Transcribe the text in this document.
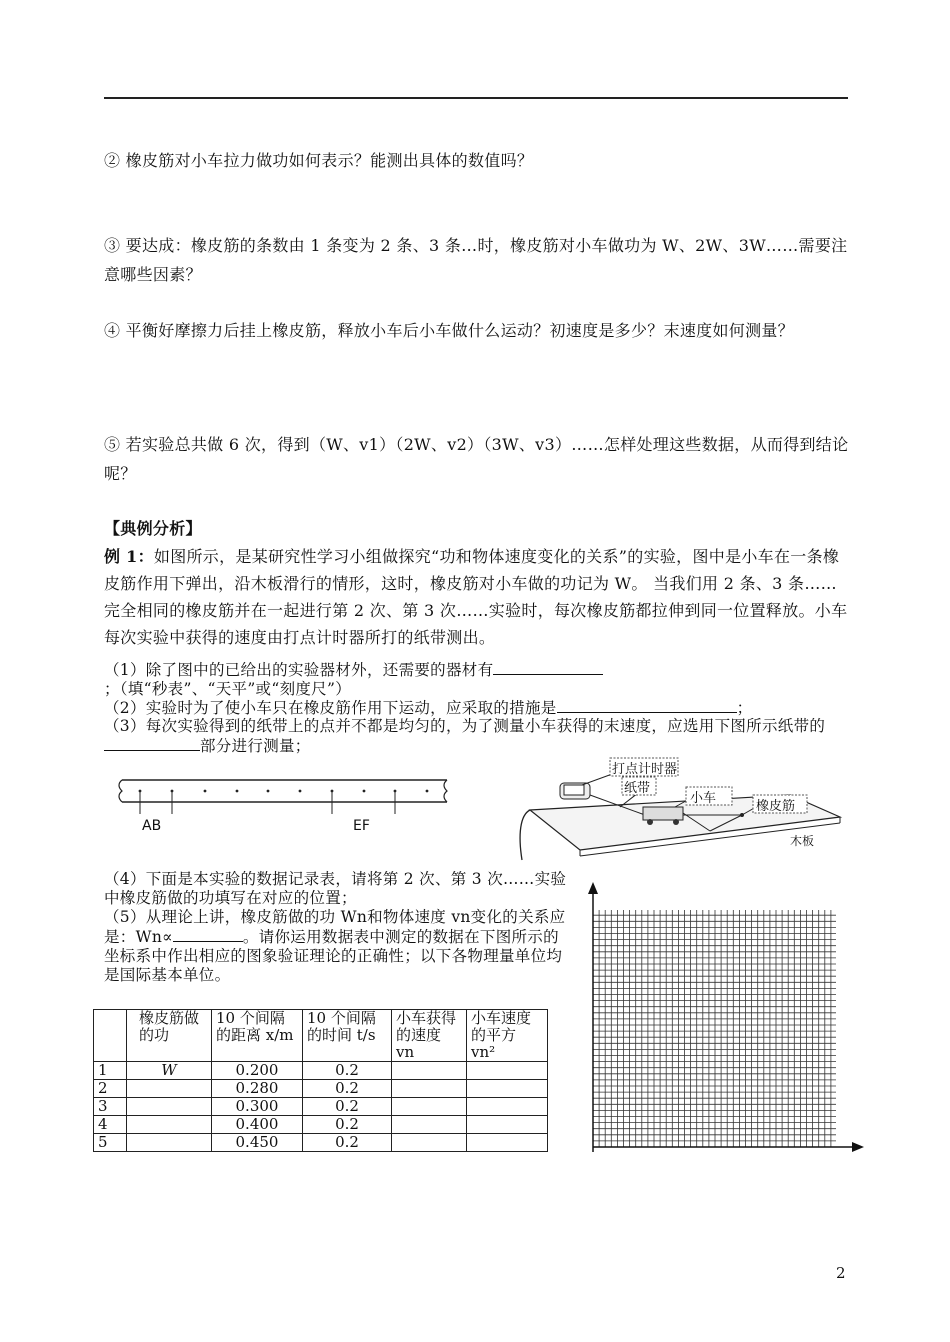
② 橡皮筋对小车拉力做功如何表示？能测出具体的数值吗？
③ 要达成：橡皮筋的条数由 1 条变为 2 条、3 条…时，橡皮筋对小车做功为 W、2W、3W……需要注意哪些因素？
④ 平衡好摩擦力后挂上橡皮筋，释放小车后小车做什么运动？初速度是多少？末速度如何测量？
⑤ 若实验总共做 6 次，得到（W、v1）（2W、v2）（3W、v3）……怎样处理这些数据，从而得到结论呢？
【典例分析】
例 1：如图所示，是某研究性学习小组做探究“功和物体速度变化的关系”的实验，图中是小车在一条橡皮筋作用下弹出，沿木板滑行的情形，这时，橡皮筋对小车做的功记为 W。 当我们用 2 条、3 条……完全相同的橡皮筋并在一起进行第 2 次、第 3 次……实验时，每次橡皮筋都拉伸到同一位置释放。小车每次实验中获得的速度由打点计时器所打的纸带测出。
（1）除了图中的已给出的实验器材外，还需要的器材有；（填“秒表”、“天平”或“刻度尺”）
（2）实验时为了使小车只在橡皮筋作用下运动，应采取的措施是	；
（3）每次实验得到的纸带上的点并不都是均匀的，为了测量小车获得的末速度，应选用下图所示纸带的部分进行测量；
AB	EF
打点计时器
纸带
小车
橡皮筋
木板
（4）下面是本实验的数据记录表，请将第 2 次、第 3 次……实验中橡皮筋做的功填写在对应的位置；
（5）从理论上讲，橡皮筋做的功 Wn和物体速度 vn变化的关系应是：Wn∝	。请你运用数据表中测定的数据在下图所示的坐标系中作出相应的图象验证理论的正确性；以下各物理量单位均是国际基本单位。
	橡皮筋做的功	10 个间隔的距离 x/m	10 个间隔的时间 t/s	小车获得的速度 vn	小车速度的平方 vn²
1	W	0.200	0.2		
2		0.280	0.2		
3		0.300	0.2		
4		0.400	0.2		
5		0.450	0.2		
2
